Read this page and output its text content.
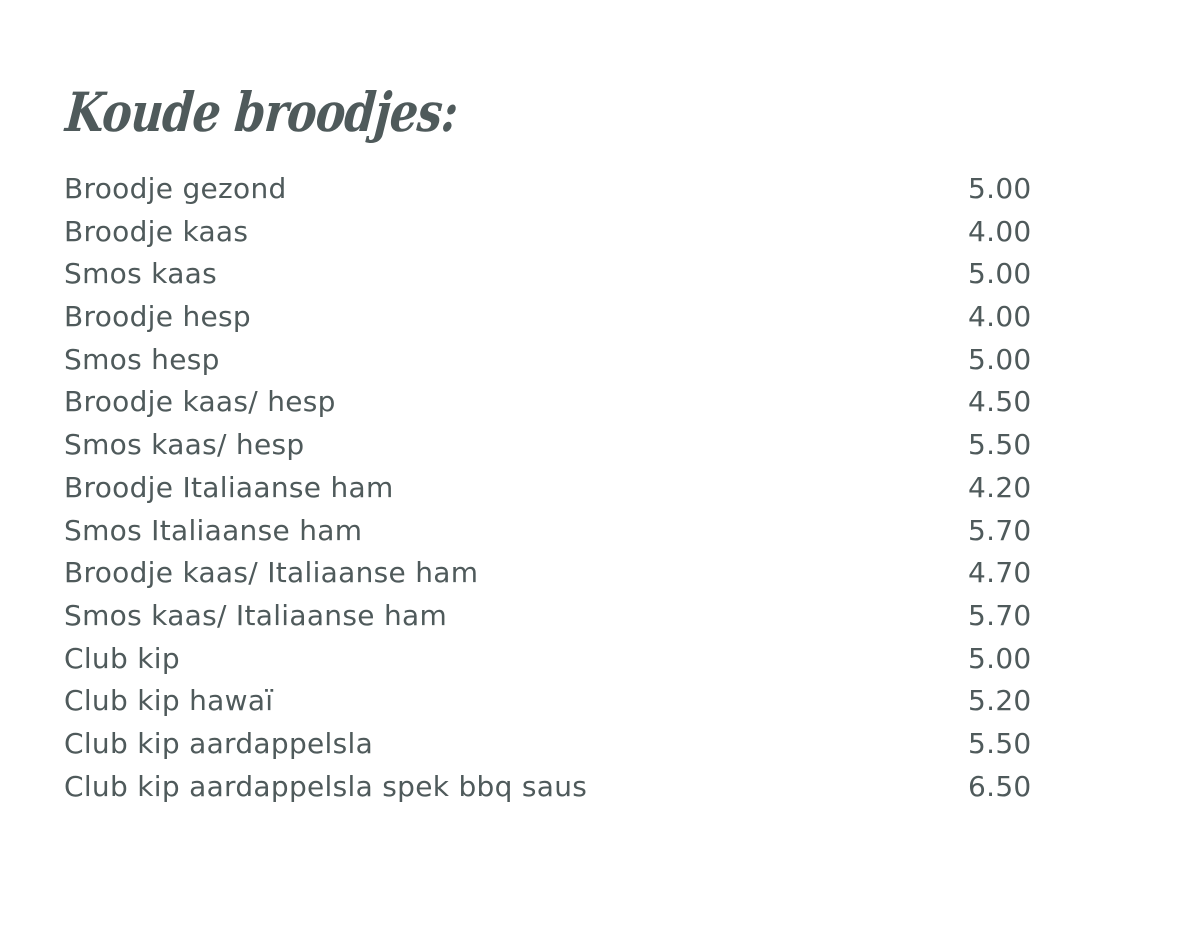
Koude broodjes:
Broodje gezond	5.00
Broodje kaas	4.00
Smos kaas	5.00
Broodje hesp	4.00
Smos hesp	5.00
Broodje kaas/ hesp	4.50
Smos kaas/ hesp	5.50
Broodje Italiaanse ham	4.20
Smos Italiaanse ham	5.70
Broodje kaas/ Italiaanse ham	4.70
Smos kaas/ Italiaanse ham	5.70
Club kip	5.00
Club kip hawaï	5.20
Club kip aardappelsla	5.50
Club kip aardappelsla spek bbq saus	6.50
